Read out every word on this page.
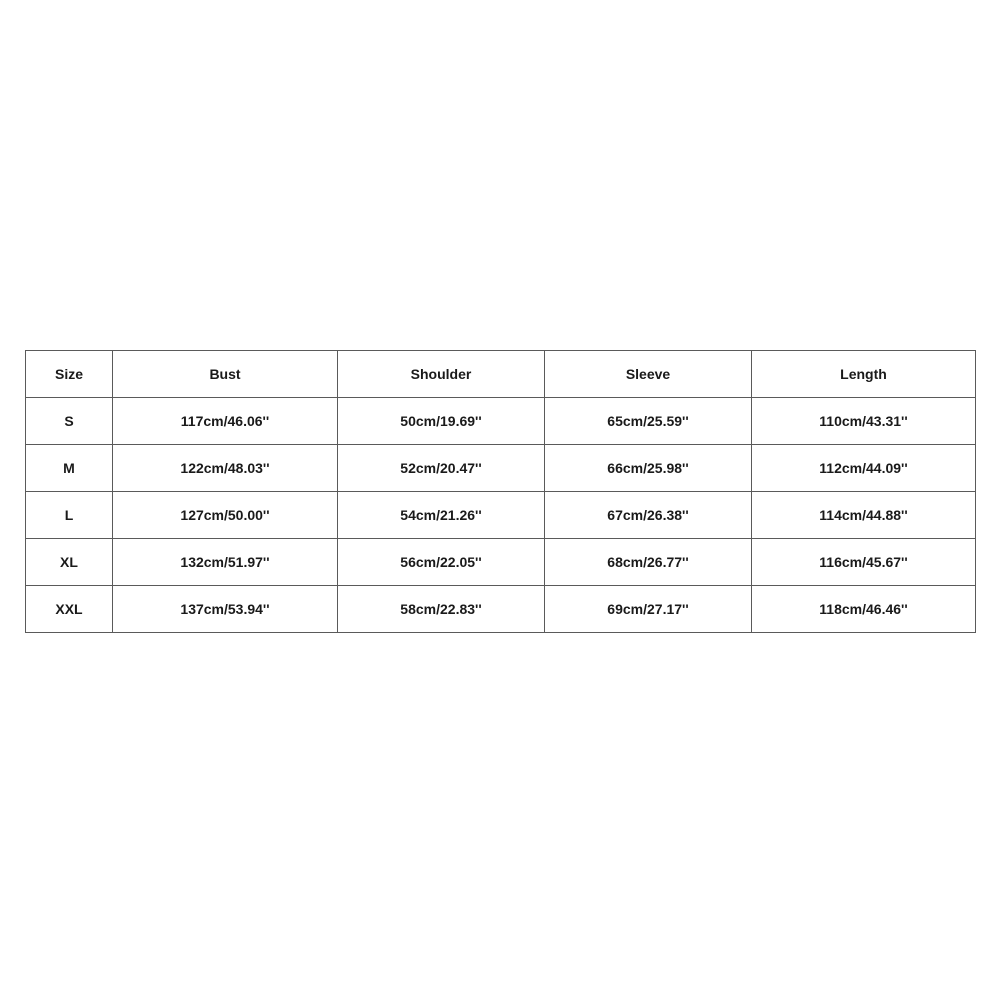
Size	Bust	Shoulder	Sleeve	Length
S	117cm/46.06''	50cm/19.69''	65cm/25.59''	110cm/43.31''
M	122cm/48.03''	52cm/20.47''	66cm/25.98''	112cm/44.09''
L	127cm/50.00''	54cm/21.26''	67cm/26.38''	114cm/44.88''
XL	132cm/51.97''	56cm/22.05''	68cm/26.77''	116cm/45.67''
XXL	137cm/53.94''	58cm/22.83''	69cm/27.17''	118cm/46.46''
